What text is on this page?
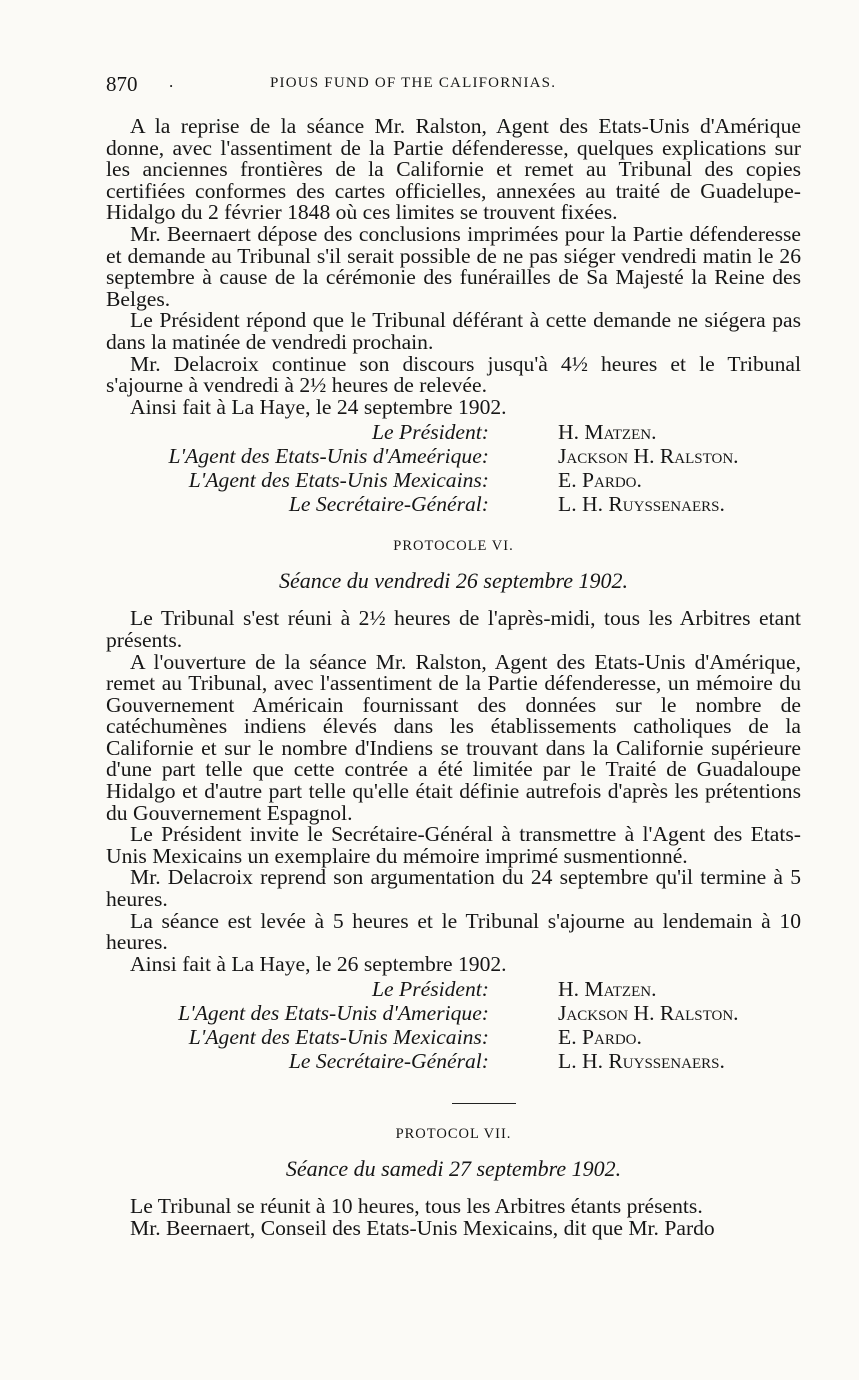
870 .	PIOUS FUND OF THE CALIFORNIAS.

A la reprise de la séance Mr. Ralston, Agent des Etats-Unis d'Amérique donne, avec l'assentiment de la Partie défenderesse, quelques explications sur les anciennes frontières de la Californie et remet au Tribunal des copies certifiées conformes des cartes officielles, annexées au traité de Guadelupe-Hidalgo du 2 février 1848 où ces limites se trouvent fixées.

Mr. Beernaert dépose des conclusions imprimées pour la Partie défenderesse et demande au Tribunal s'il serait possible de ne pas siéger vendredi matin le 26 septembre à cause de la cérémonie des funérailles de Sa Majesté la Reine des Belges.

Le Président répond que le Tribunal déférant à cette demande ne siégera pas dans la matinée de vendredi prochain.

Mr. Delacroix continue son discours jusqu'à 4½ heures et le Tribunal s'ajourne à vendredi à 2½ heures de relevée.

Ainsi fait à La Haye, le 24 septembre 1902.

Le Président:	H. Matzen.
L'Agent des Etats-Unis d'Ameérique:	Jackson H. Ralston.
L'Agent des Etats-Unis Mexicains:	E. Pardo.
Le Secrétaire-Général:	L. H. Ruyssenaers.
PROTOCOLE VI.
Séance du vendredi 26 septembre 1902.

Le Tribunal s'est réuni à 2½ heures de l'après-midi, tous les Arbitres etant présents.

A l'ouverture de la séance Mr. Ralston, Agent des Etats-Unis d'Amérique, remet au Tribunal, avec l'assentiment de la Partie défenderesse, un mémoire du Gouvernement Américain fournissant des données sur le nombre de catéchumènes indiens élevés dans les établissements catholiques de la Californie et sur le nombre d'Indiens se trouvant dans la Californie supérieure d'une part telle que cette contrée a été limitée par le Traité de Guadaloupe Hidalgo et d'autre part telle qu'elle était définie autrefois d'après les prétentions du Gouvernement Espagnol.

Le Président invite le Secrétaire-Général à transmettre à l'Agent des Etats-Unis Mexicains un exemplaire du mémoire imprimé susmentionné.

Mr. Delacroix reprend son argumentation du 24 septembre qu'il termine à 5 heures.

La séance est levée à 5 heures et le Tribunal s'ajourne au lendemain à 10 heures.

Ainsi fait à La Haye, le 26 septembre 1902.

Le Président:	H. Matzen.
L'Agent des Etats-Unis d'Amerique:	Jackson H. Ralston.
L'Agent des Etats-Unis Mexicains:	E. Pardo.
Le Secrétaire-Général:	L. H. Ruyssenaers.
PROTOCOL VII.
Séance du samedi 27 septembre 1902.

Le Tribunal se réunit à 10 heures, tous les Arbitres étants présents.

Mr. Beernaert, Conseil des Etats-Unis Mexicains, dit que Mr. Pardo
